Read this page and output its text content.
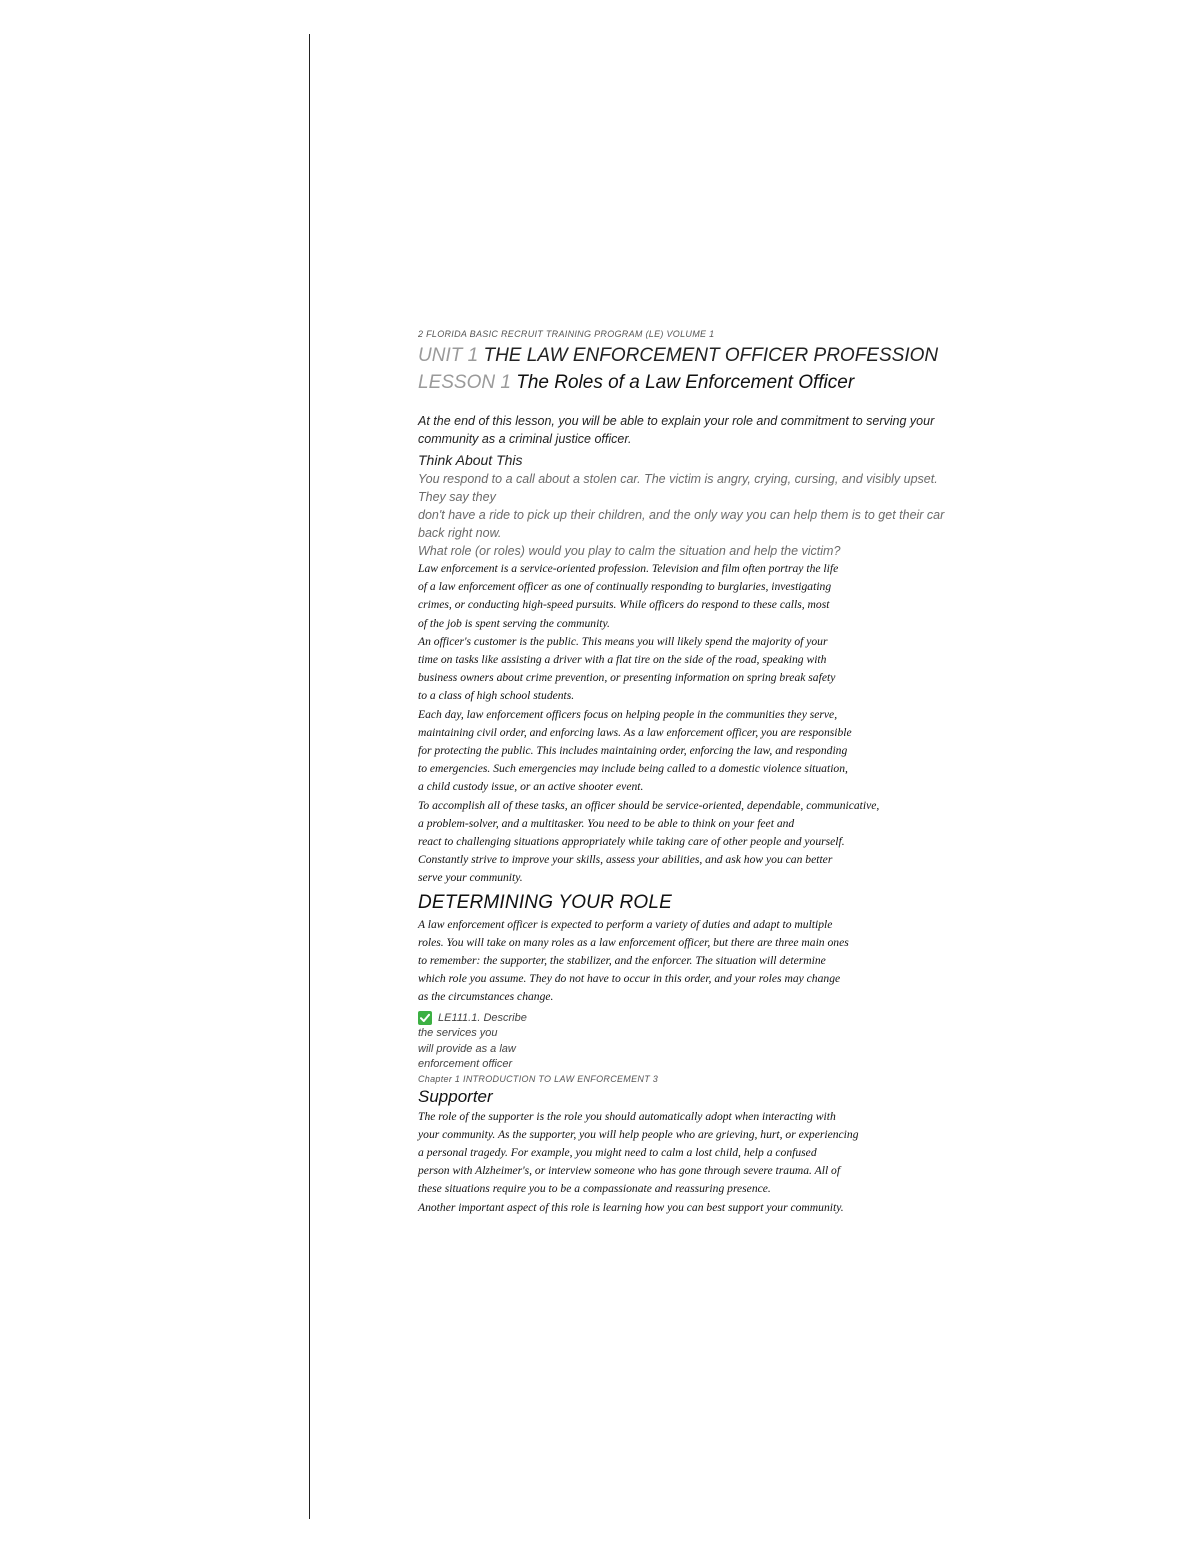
2 FLORIDA BASIC RECRUIT TRAINING PROGRAM (LE) VOLUME 1
UNIT 1 THE LAW ENFORCEMENT OFFICER PROFESSION
LESSON 1 The Roles of a Law Enforcement Officer
At the end of this lesson, you will be able to explain your role and commitment to serving your
community as a criminal justice officer.
Think About This
You respond to a call about a stolen car. The victim is angry, crying, cursing, and visibly upset.
They say they
don't have a ride to pick up their children, and the only way you can help them is to get their car
back right now.
What role (or roles) would you play to calm the situation and help the victim?
Law enforcement is a service-oriented profession. Television and film often portray the life
of a law enforcement officer as one of continually responding to burglaries, investigating
crimes, or conducting high-speed pursuits. While officers do respond to these calls, most
of the job is spent serving the community.
An officer's customer is the public. This means you will likely spend the majority of your
time on tasks like assisting a driver with a flat tire on the side of the road, speaking with
business owners about crime prevention, or presenting information on spring break safety
to a class of high school students.
Each day, law enforcement officers focus on helping people in the communities they serve,
maintaining civil order, and enforcing laws. As a law enforcement officer, you are responsible
for protecting the public. This includes maintaining order, enforcing the law, and responding
to emergencies. Such emergencies may include being called to a domestic violence situation,
a child custody issue, or an active shooter event.
To accomplish all of these tasks, an officer should be service-oriented, dependable, communicative,
a problem-solver, and a multitasker. You need to be able to think on your feet and
react to challenging situations appropriately while taking care of other people and yourself.
Constantly strive to improve your skills, assess your abilities, and ask how you can better
serve your community.
DETERMINING YOUR ROLE
A law enforcement officer is expected to perform a variety of duties and adapt to multiple
roles. You will take on many roles as a law enforcement officer, but there are three main ones
to remember: the supporter, the stabilizer, and the enforcer. The situation will determine
which role you assume. They do not have to occur in this order, and your roles may change
as the circumstances change.
LE111.1. Describe
the services you
will provide as a law
enforcement officer
Chapter 1 INTRODUCTION TO LAW ENFORCEMENT 3
Supporter
The role of the supporter is the role you should automatically adopt when interacting with
your community. As the supporter, you will help people who are grieving, hurt, or experiencing
a personal tragedy. For example, you might need to calm a lost child, help a confused
person with Alzheimer's, or interview someone who has gone through severe trauma. All of
these situations require you to be a compassionate and reassuring presence.
Another important aspect of this role is learning how you can best support your community.
